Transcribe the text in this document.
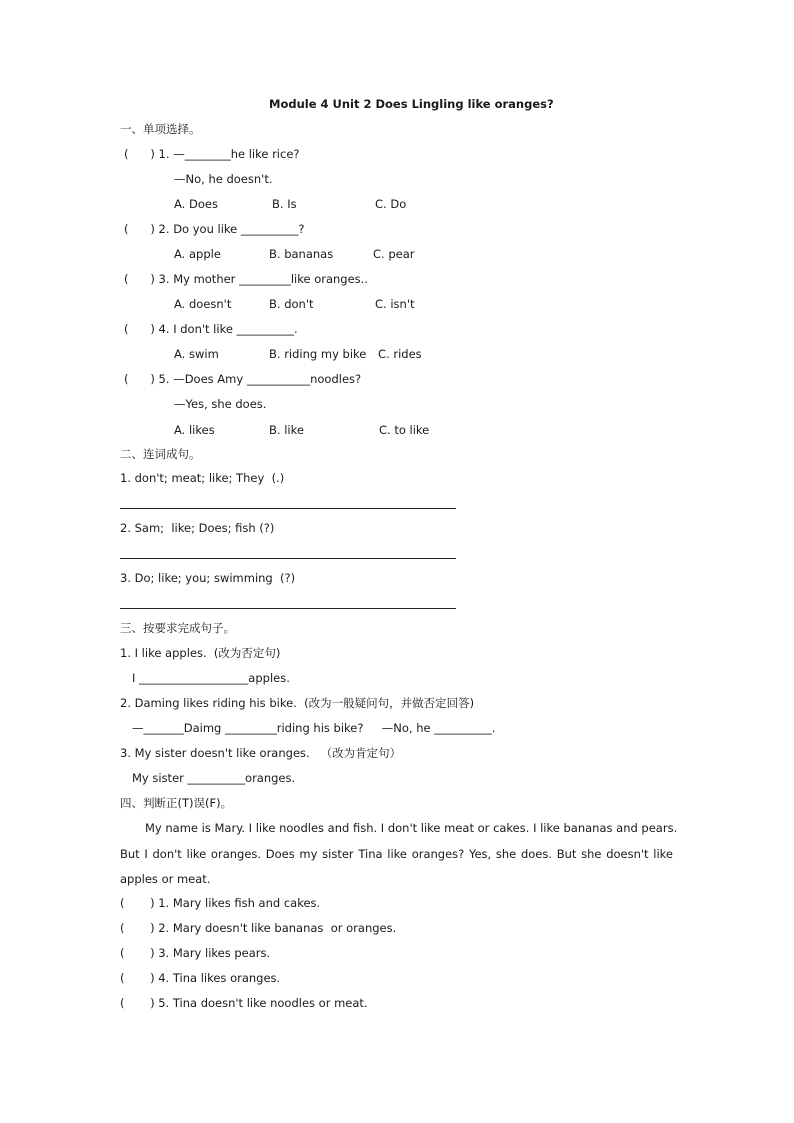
Module 4 Unit 2 Does Lingling like oranges?
一、单项选择。
(      ) 1. —________he like rice?
—No, he doesn't.
A. Does	B. Is	C. Do
(      ) 2. Do you like __________?
A. apple	B. bananas	C. pear
(      ) 3. My mother _________like oranges..
A. doesn't	B. don't	C. isn't
(      ) 4. I don't like __________.
A. swim	B. riding my bike C. rides
(      ) 5. —Does Amy ___________noodles?
—Yes, she does.
A. likes	B. like	C. to like
二、连词成句。
1. don't; meat; like; They  (.)
2. Sam;  like; Does; fish (?)
3. Do; like; you; swimming  (?)
三、按要求完成句子。
1. I like apples.  (改为否定句)
I ___________________apples.
2. Daming likes riding his bike.  (改为一般疑问句，并做否定回答)
—_______Daimg _________riding his bike?     —No, he __________.
3. My sister doesn't like oranges.   （改为肯定句）
My sister __________oranges.
四、判断正(T)误(F)。
My name is Mary. I like noodles and fish. I don't like meat or cakes. I like bananas and pears.
But I don't like oranges. Does my sister Tina like oranges? Yes, she does. But she doesn't like
apples or meat.
(       ) 1. Mary likes fish and cakes.
(       ) 2. Mary doesn't like bananas  or oranges.
(       ) 3. Mary likes pears.
(       ) 4. Tina likes oranges.
(       ) 5. Tina doesn't like noodles or meat.
